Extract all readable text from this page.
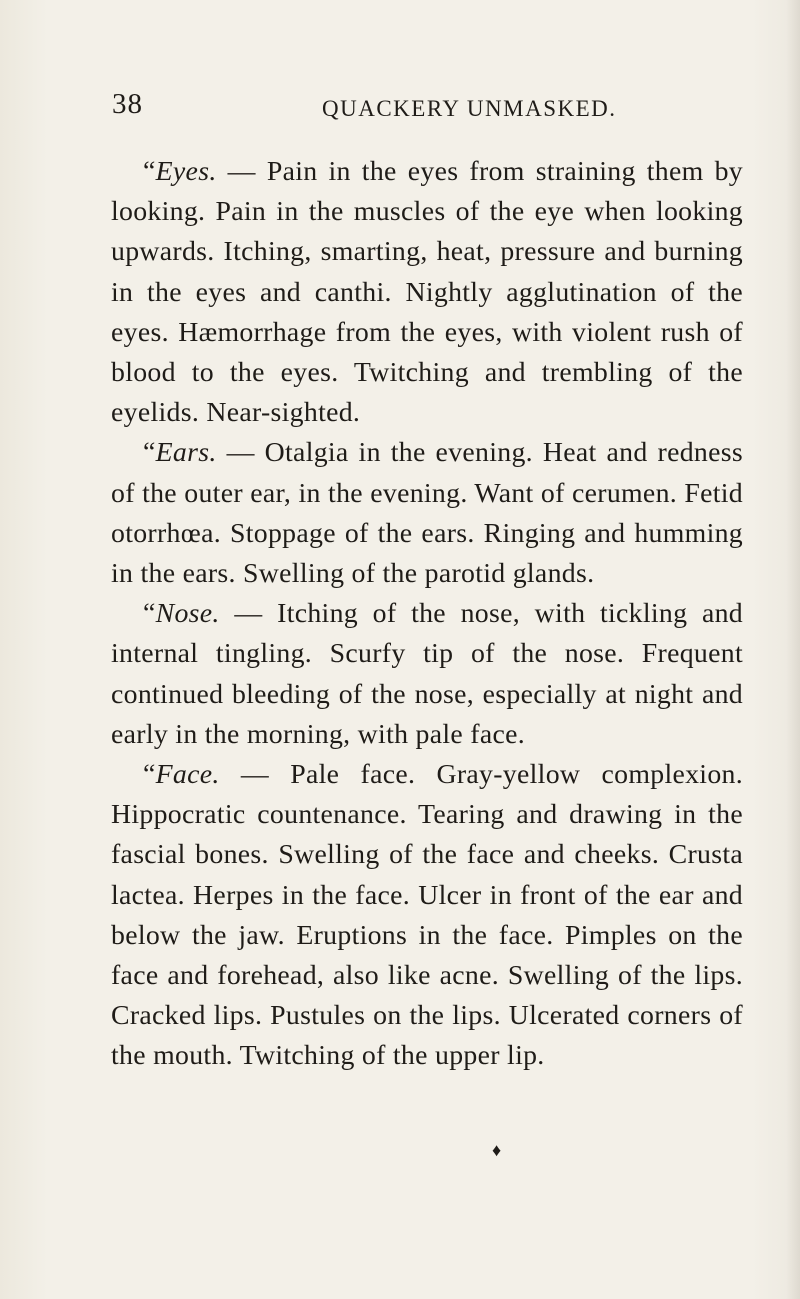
38	QUACKERY UNMASKED.

“Eyes. — Pain in the eyes from straining them by looking. Pain in the muscles of the eye when looking upwards. Itching, smarting, heat, pressure and burning in the eyes and canthi. Nightly agglutination of the eyes. Hæmorrhage from the eyes, with violent rush of blood to the eyes. Twitching and trembling of the eyelids. Near-sighted.

“Ears. — Otalgia in the evening. Heat and redness of the outer ear, in the evening. Want of cerumen. Fetid otorrhœa. Stoppage of the ears. Ringing and humming in the ears. Swelling of the parotid glands.

“Nose. — Itching of the nose, with tickling and internal tingling. Scurfy tip of the nose. Frequent continued bleeding of the nose, especially at night and early in the morning, with pale face.

“Face. — Pale face. Gray-yellow complexion. Hippocratic countenance. Tearing and drawing in the fascial bones. Swelling of the face and cheeks. Crusta lactea. Herpes in the face. Ulcer in front of the ear and below the jaw. Eruptions in the face. Pimples on the face and forehead, also like acne. Swelling of the lips. Cracked lips. Pustules on the lips. Ulcerated corners of the mouth. Twitching of the upper lip.

♦
